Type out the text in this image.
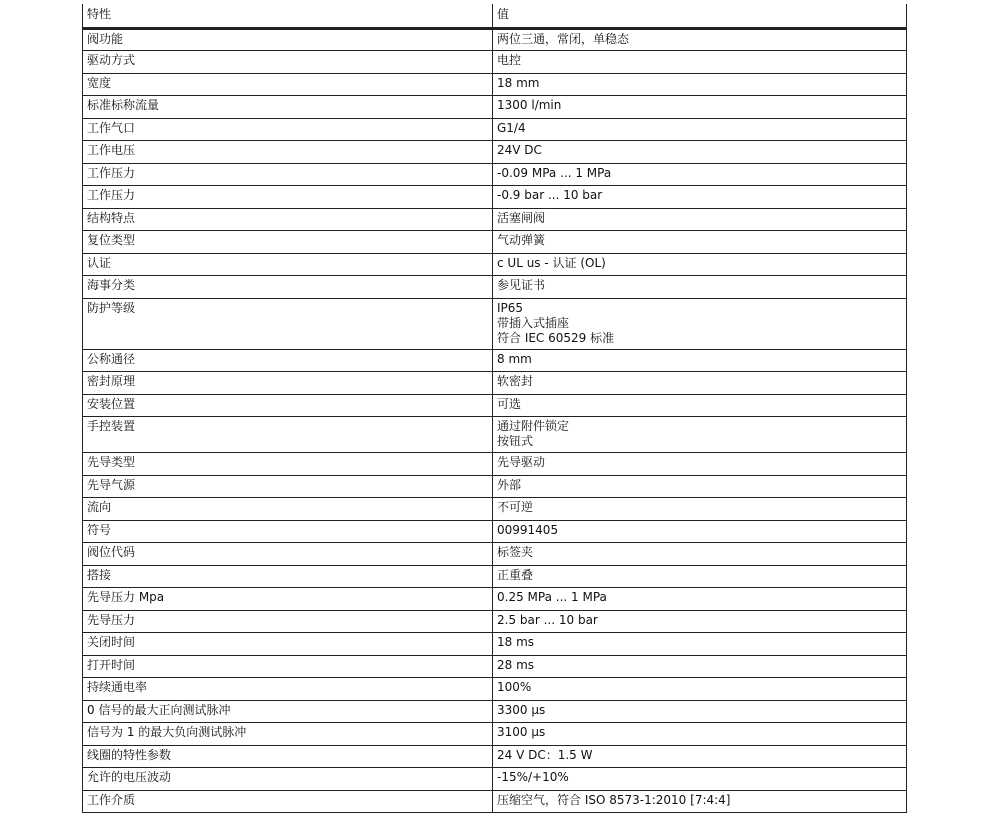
特性	值
阀功能	两位三通，常闭，单稳态

驱动方式	电控

宽度	18 mm

标准标称流量	1300 l/min

工作气口	G1/4

工作电压	24V DC

工作压力	-0.09 MPa ... 1 MPa

工作压力	-0.9 bar ... 10 bar

结构特点	活塞闸阀

复位类型	气动弹簧

认证	c UL us - 认证 (OL)

海事分类	参见证书

防护等级	IP65
带插入式插座
符合 IEC 60529 标准

公称通径	8 mm

密封原理	软密封

安装位置	可选

手控装置	通过附件锁定
按钮式

先导类型	先导驱动

先导气源	外部

流向	不可逆

符号	00991405

阀位代码	标签夹

搭接	正重叠

先导压力 Mpa	0.25 MPa ... 1 MPa

先导压力	2.5 bar ... 10 bar

关闭时间	18 ms

打开时间	28 ms

持续通电率	100%

0 信号的最大正向测试脉冲	3300 µs

信号为 1 的最大负向测试脉冲	3100 µs

线圈的特性参数	24 V DC：1.5 W

允许的电压波动	-15%/+10%

工作介质	压缩空气，符合 ISO 8573-1:2010 [7:4:4]
